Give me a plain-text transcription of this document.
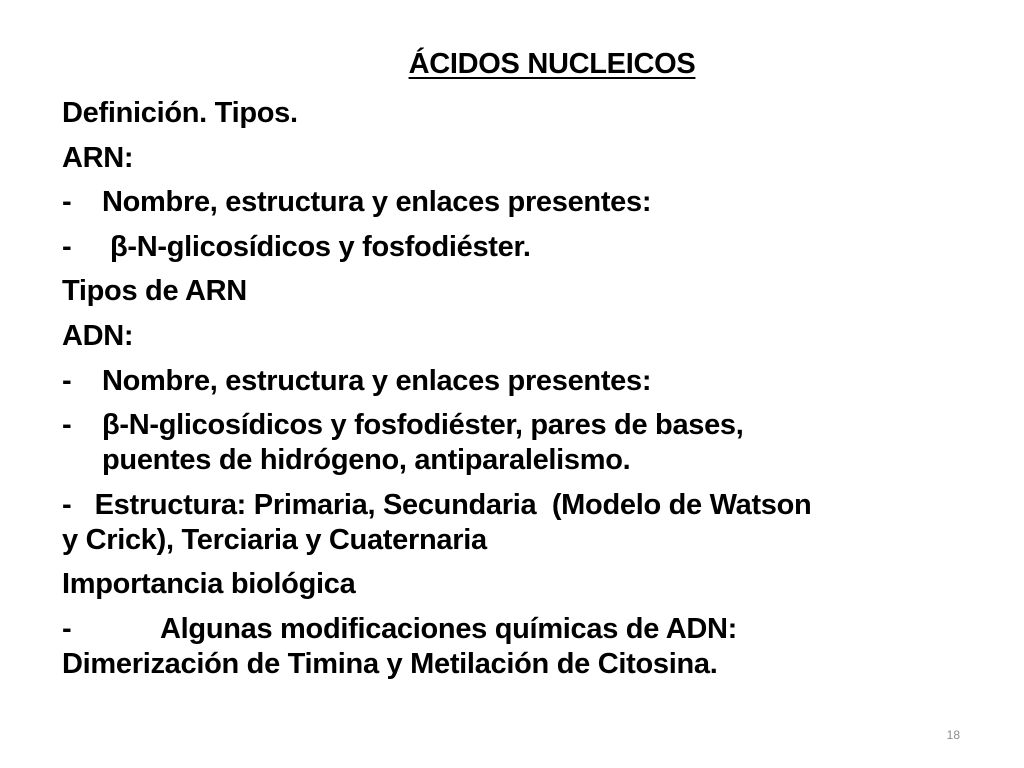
ÁCIDOS NUCLEICOS
Definición. Tipos.
ARN:
-	Nombre, estructura y enlaces presentes:
-	β-N-glicosídicos y fosfodiéster.
Tipos de ARN
ADN:
-	Nombre, estructura y enlaces presentes:
-	β-N-glicosídicos y fosfodiéster, pares de bases,
puentes de hidrógeno, antiparalelismo.
-   Estructura: Primaria, Secundaria  (Modelo de Watson
y Crick), Terciaria y Cuaternaria
Importancia biológica
-	Algunas modificaciones químicas de ADN:
Dimerización de Timina y Metilación de Citosina.
18
